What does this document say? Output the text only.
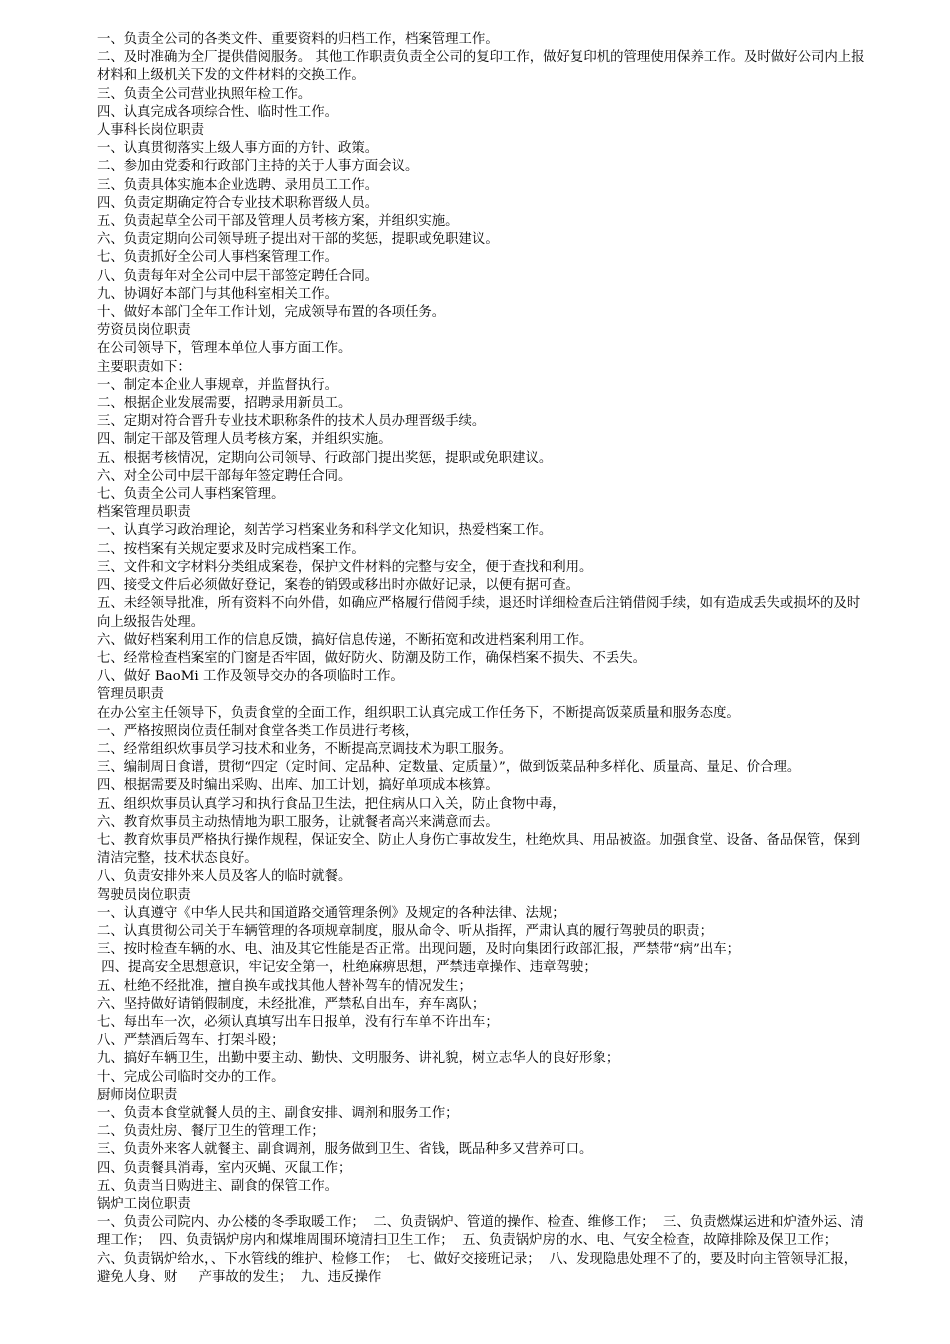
一、负责全公司的各类文件、重要资料的归档工作，档案管理工作。

二、及时准确为全厂提供借阅服务。 其他工作职责负责全公司的复印工作，做好复印机的管理使用保养工作。及时做好公司内上报材料和上级机关下发的文件材料的交换工作。

三、负责全公司营业执照年检工作。

四、认真完成各项综合性、临时性工作。

人事科长岗位职责

一、认真贯彻落实上级人事方面的方针、政策。

二、参加由党委和行政部门主持的关于人事方面会议。

三、负责具体实施本企业选聘、录用员工工作。

四、负责定期确定符合专业技术职称晋级人员。

五、负责起草全公司干部及管理人员考核方案，并组织实施。

六、负责定期向公司领导班子提出对干部的奖惩，提职或免职建议。

七、负责抓好全公司人事档案管理工作。

八、负责每年对全公司中层干部签定聘任合同。

九、协调好本部门与其他科室相关工作。

十、做好本部门全年工作计划，完成领导布置的各项任务。

劳资员岗位职责

在公司领导下，管理本单位人事方面工作。

主要职责如下：

一、制定本企业人事规章，并监督执行。

二、根据企业发展需要，招聘录用新员工。

三、定期对符合晋升专业技术职称条件的技术人员办理晋级手续。

四、制定干部及管理人员考核方案，并组织实施。

五、根据考核情况，定期向公司领导、行政部门提出奖惩，提职或免职建议。

六、对全公司中层干部每年签定聘任合同。

七、负责全公司人事档案管理。

档案管理员职责

一、认真学习政治理论，刻苦学习档案业务和科学文化知识，热爱档案工作。

二、按档案有关规定要求及时完成档案工作。

三、文件和文字材料分类组成案卷，保护文件材料的完整与安全，便于查找和利用。

四、接受文件后必须做好登记，案卷的销毁或移出时亦做好记录，以便有据可查。

五、未经领导批准，所有资料不向外借，如确应严格履行借阅手续，退还时详细检查后注销借阅手续，如有造成丢失或损坏的及时向上级报告处理。

六、做好档案利用工作的信息反馈，搞好信息传递，不断拓宽和改进档案利用工作。

七、经常检查档案室的门窗是否牢固，做好防火、防潮及防工作，确保档案不损失、不丢失。

八、做好 BaoMi 工作及领导交办的各项临时工作。

管理员职责

在办公室主任领导下，负责食堂的全面工作，组织职工认真完成工作任务下，不断提高饭菜质量和服务态度。

一、严格按照岗位责任制对食堂各类工作员进行考核，

二、经常组织炊事员学习技术和业务，不断提高烹调技术为职工服务。

三、编制周日食谱，贯彻“四定（定时间、定品种、定数量、定质量）”，做到饭菜品种多样化、质量高、量足、价合理。

四、根据需要及时编出采购、出库、加工计划，搞好单项成本核算。

五、组织炊事员认真学习和执行食品卫生法，把住病从口入关，防止食物中毒，

六、教育炊事员主动热情地为职工服务，让就餐者高兴来满意而去。

七、教育炊事员严格执行操作规程，保证安全、防止人身伤亡事故发生，杜绝炊具、用品被盗。加强食堂、设备、备品保管，保到清洁完整，技术状态良好。

八、负责安排外来人员及客人的临时就餐。

驾驶员岗位职责

一、认真遵守《中华人民共和国道路交通管理条例》及规定的各种法律、法规；

二、认真贯彻公司关于车辆管理的各项规章制度，服从命令、听从指挥，严肃认真的履行驾驶员的职责；

三、按时检查车辆的水、电、油及其它性能是否正常。出现问题，及时向集团行政部汇报，严禁带“病”出车；

四、提高安全思想意识，牢记安全第一，杜绝麻痹思想，严禁违章操作、违章驾驶；

五、杜绝不经批准，擅自换车或找其他人替补驾车的情况发生；

六、坚持做好请销假制度，未经批准，严禁私自出车，弃车离队；

七、每出车一次，必须认真填写出车日报单，没有行车单不许出车；

八、严禁酒后驾车、打架斗殴；

九、搞好车辆卫生，出勤中要主动、勤快、文明服务、讲礼貌，树立志华人的良好形象；

十、完成公司临时交办的工作。

厨师岗位职责

一、负责本食堂就餐人员的主、副食安排、调剂和服务工作；

二、负责灶房、餐厅卫生的管理工作；

三、负责外来客人就餐主、副食调剂，服务做到卫生、省钱，既品种多又营养可口。

四、负责餐具消毒，室内灭蝇、灭鼠工作；

五、负责当日购进主、副食的保管工作。

锅炉工岗位职责

一、负责公司院内、办公楼的冬季取暖工作；  二、负责锅炉、管道的操作、检查、维修工作；  三、负责燃煤运进和炉渣外运、清理工作；  四、负责锅炉房内和煤堆周围环境清扫卫生工作；  五、负责锅炉房的水、电、气安全检查，故障排除及保卫工作；  六、负责锅炉给水，、下水管线的维护、检修工作；  七、做好交接班记录；  八、发现隐患处理不了的，要及时向主管领导汇报，避免人身、财     产事故的发生；  九、违反操作
